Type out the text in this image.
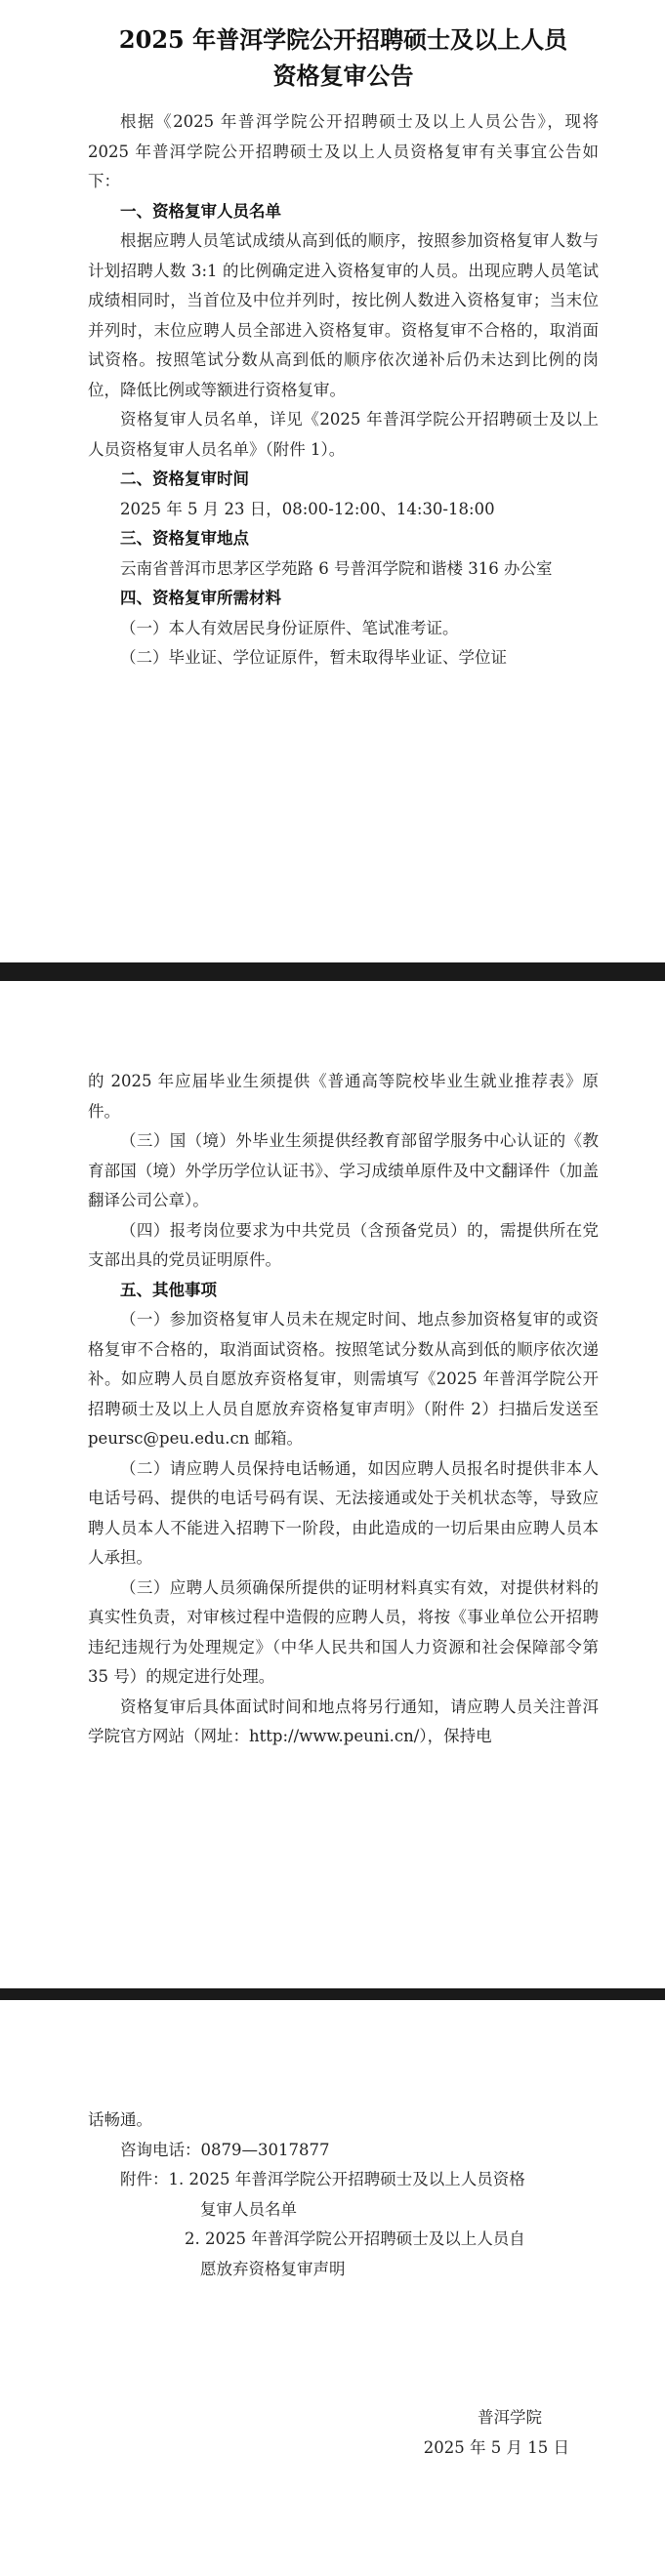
2025 年普洱学院公开招聘硕士及以上人员
资格复审公告

根据《2025 年普洱学院公开招聘硕士及以上人员公告》，现将 2025 年普洱学院公开招聘硕士及以上人员资格复审有关事宜公告如下：

一、资格复审人员名单

根据应聘人员笔试成绩从高到低的顺序，按照参加资格复审人数与计划招聘人数 3:1 的比例确定进入资格复审的人员。出现应聘人员笔试成绩相同时，当首位及中位并列时，按比例人数进入资格复审；当末位并列时，末位应聘人员全部进入资格复审。资格复审不合格的，取消面试资格。按照笔试分数从高到低的顺序依次递补后仍未达到比例的岗位，降低比例或等额进行资格复审。

资格复审人员名单，详见《2025 年普洱学院公开招聘硕士及以上人员资格复审人员名单》（附件 1）。

二、资格复审时间

2025 年 5 月 23 日，08:00-12:00、14:30-18:00

三、资格复审地点

云南省普洱市思茅区学苑路 6 号普洱学院和谐楼 316 办公室

四、资格复审所需材料

（一）本人有效居民身份证原件、笔试准考证。

（二）毕业证、学位证原件，暂未取得毕业证、学位证

的 2025 年应届毕业生须提供《普通高等院校毕业生就业推荐表》原件。

（三）国（境）外毕业生须提供经教育部留学服务中心认证的《教育部国（境）外学历学位认证书》、学习成绩单原件及中文翻译件（加盖翻译公司公章）。

（四）报考岗位要求为中共党员（含预备党员）的，需提供所在党支部出具的党员证明原件。

五、其他事项

（一）参加资格复审人员未在规定时间、地点参加资格复审的或资格复审不合格的，取消面试资格。按照笔试分数从高到低的顺序依次递补。如应聘人员自愿放弃资格复审，则需填写《2025 年普洱学院公开招聘硕士及以上人员自愿放弃资格复审声明》（附件 2）扫描后发送至 peursc@peu.edu.cn 邮箱。

（二）请应聘人员保持电话畅通，如因应聘人员报名时提供非本人电话号码、提供的电话号码有误、无法接通或处于关机状态等，导致应聘人员本人不能进入招聘下一阶段，由此造成的一切后果由应聘人员本人承担。

（三）应聘人员须确保所提供的证明材料真实有效，对提供材料的真实性负责，对审核过程中造假的应聘人员，将按《事业单位公开招聘违纪违规行为处理规定》（中华人民共和国人力资源和社会保障部令第 35 号）的规定进行处理。

资格复审后具体面试时间和地点将另行通知，请应聘人员关注普洱学院官方网站（网址：http://www.peuni.cn/），保持电

话畅通。

咨询电话：0879—3017877

附件：1. 2025 年普洱学院公开招聘硕士及以上人员资格

复审人员名单

2. 2025 年普洱学院公开招聘硕士及以上人员自

愿放弃资格复审声明

普洱学院

2025 年 5 月 15 日
